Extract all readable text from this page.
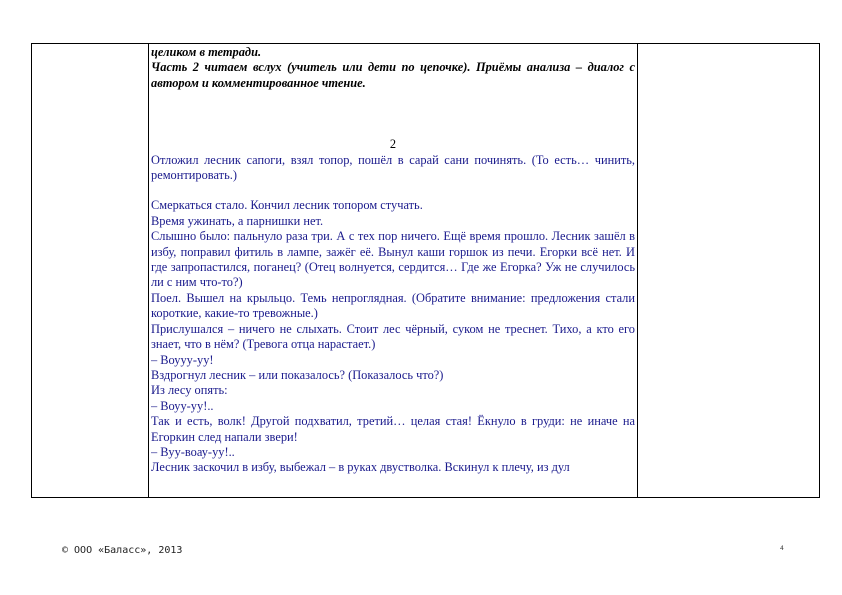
целиком в тетради.

Часть 2 читаем вслух (учитель или дети по цепочке). Приёмы анализа – диалог с автором и комментированное чтение.

2

Отложил лесник сапоги, взял топор, пошёл в сарай сани починять. (То есть… чинить, ремонтировать.)

Смеркаться стало. Кончил лесник топором стучать.

Время ужинать, а парнишки нет.

Слышно было: пальнуло раза три. А с тех пор ничего. Ещё время прошло. Лесник зашёл в избу, поправил фитиль в лампе, зажёг её. Вынул каши горшок из печи. Егорки всё нет. И где запропастился, поганец? (Отец волнуется, сердится… Где же Егорка? Уж не случилось ли с ним что-то?)

Поел. Вышел на крыльцо. Темь непроглядная. (Обратите внимание: предложения стали короткие, какие-то тревожные.)

Прислушался – ничего не слыхать. Стоит лес чёрный, суком не треснет. Тихо, а кто его знает, что в нём? (Тревога отца нарастает.)

– Воууу-уу!

Вздрогнул лесник – или показалось? (Показалось что?)

Из лесу опять:

– Воуу-уу!..

Так и есть, волк! Другой подхватил, третий… целая стая! Ёкнуло в груди: не иначе на Егоркин след напали звери!

– Вуу-воау-уу!..

Лесник заскочил в избу, выбежал – в руках двустволка. Вскинул к плечу, из дул

© ООО «Баласс», 2013	4
